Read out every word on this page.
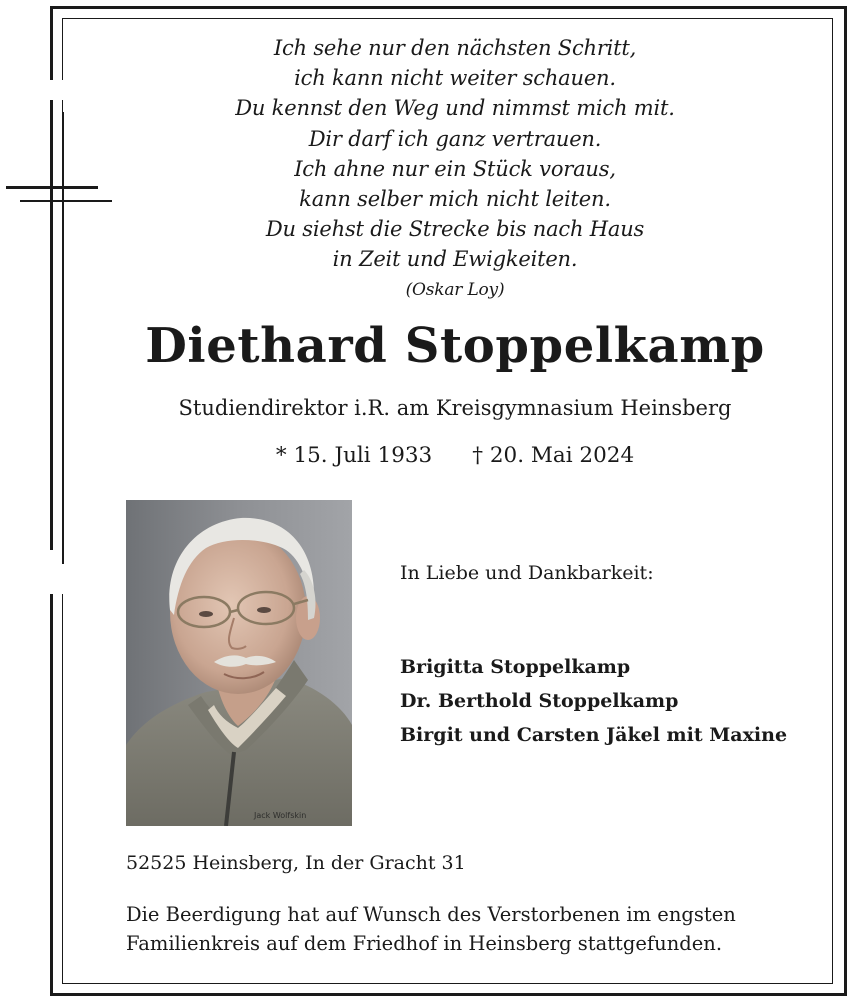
Ich sehe nur den nächsten Schritt,
ich kann nicht weiter schauen.
Du kennst den Weg und nimmst mich mit.
Dir darf ich ganz vertrauen.
Ich ahne nur ein Stück voraus,
kann selber mich nicht leiten.
Du siehst die Strecke bis nach Haus
in Zeit und Ewigkeiten.
(Oskar Loy)
Diethard Stoppelkamp
Studiendirektor i.R. am Kreisgymnasium Heinsberg
* 15. Juli 1933 † 20. Mai 2024
Jack Wolfskin
In Liebe und Dankbarkeit:
Brigitta Stoppelkamp
Dr. Berthold Stoppelkamp
Birgit und Carsten Jäkel mit Maxine
52525 Heinsberg, In der Gracht 31
Die Beerdigung hat auf Wunsch des Verstorbenen im engsten
Familienkreis auf dem Friedhof in Heinsberg stattgefunden.
